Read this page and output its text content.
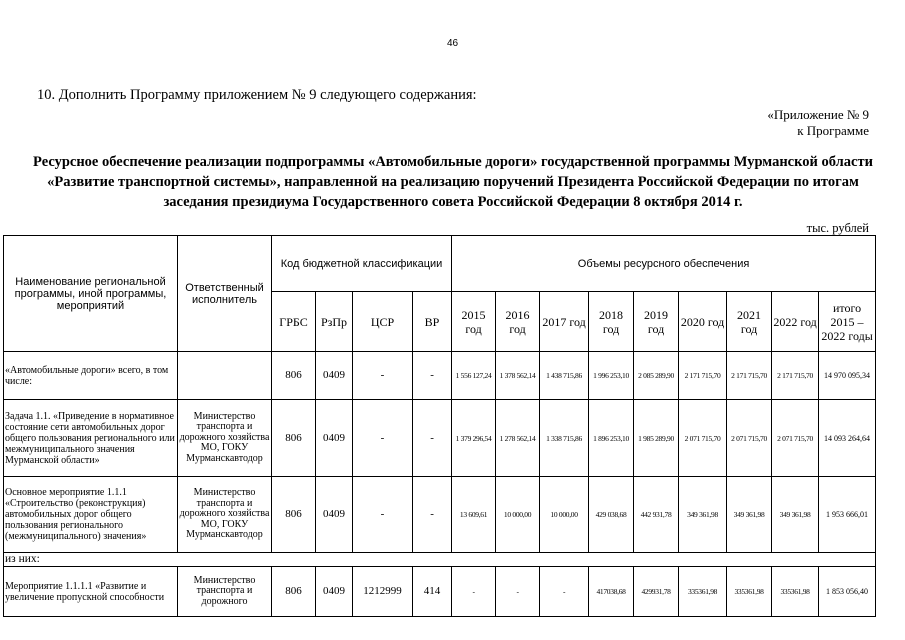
46
10. Дополнить Программу приложением № 9 следующего содержания:
«Приложение № 9
к Программе
Ресурсное обеспечение реализации подпрограммы «Автомобильные дороги» государственной программы Мурманской области «Развитие транспортной системы», направленной на реализацию поручений Президента Российской Федерации по итогам заседания президиума Государственного совета Российской Федерации 8 октября 2014 г.
тыс. рублей
Наименование региональной программы, иной программы, мероприятий	Ответственный исполнитель	Код бюджетной классификации				Объемы ресурсного обеспечения								
		ГРБС	РзПр	ЦСР	ВР	2015 год	2016 год	2017 год	2018 год	2019 год	2020 год	2021 год	2022 год	итого 2015 – 2022 годы
«Автомобильные дороги» всего, в том числе:		806	0409	-	-	1 556 127,24	1 378 562,14	1 438 715,86	1 996 253,10	2 085 289,90	2 171 715,70	2 171 715,70	2 171 715,70	14 970 095,34
Задача 1.1. «Приведение в нормативное состояние сети автомобильных дорог общего пользования регионального или межмуниципального значения Мурманской области»	Министерство транспорта и дорожного хозяйства МО, ГОКУ Мурманскавтодор	806	0409	-	-	1 379 296,54	1 278 562,14	1 338 715,86	1 896 253,10	1 985 289,90	2 071 715,70	2 071 715,70	2 071 715,70	14 093 264,64
Основное мероприятие 1.1.1 «Строительство (реконструкция) автомобильных дорог общего пользования регионального (межмуниципального) значения»	Министерство транспорта и дорожного хозяйства МО, ГОКУ Мурманскавтодор	806	0409	-	-	13 609,61	10 000,00	10 000,00	429 038,68	442 931,78	349 361,98	349 361,98	349 361,98	1 953 666,01
из них:														
Мероприятие 1.1.1.1 «Развитие и увеличение пропускной способности	Министерство транспорта и дорожного	806	0409	1212999	414	-	-	-	417038,68	429931,78	335361,98	335361,98	335361,98	1 853 056,40
